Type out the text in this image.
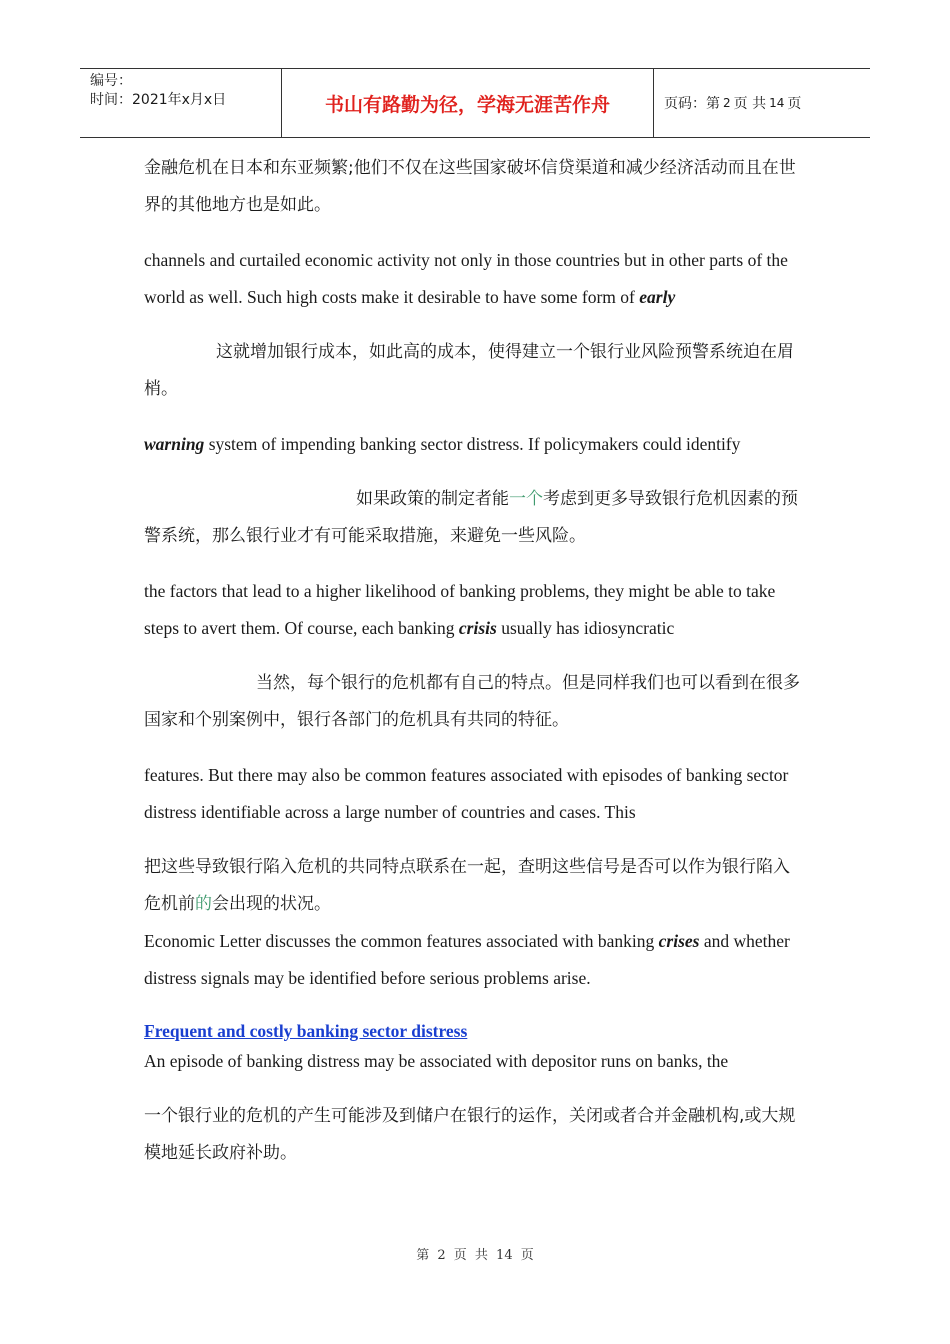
编号：
时间：2021年x月x日	书山有路勤为径，学海无涯苦作舟	页码：第 2 页 共 14 页

金融危机在日本和东亚频繁;他们不仅在这些国家破坏信贷渠道和减少经济活动而且在世界的其他地方也是如此。

channels and curtailed economic activity not only in those countries but in other parts of the world as well. Such high costs make it desirable to have some form of early

这就增加银行成本，如此高的成本，使得建立一个银行业风险预警系统迫在眉梢。

warning system of impending banking sector distress. If policymakers could identify

如果政策的制定者能一个考虑到更多导致银行危机因素的预警系统，那么银行业才有可能采取措施，来避免一些风险。

the factors that lead to a higher likelihood of banking problems, they might be able to take steps to avert them. Of course, each banking crisis usually has idiosyncratic

当然，每个银行的危机都有自己的特点。但是同样我们也可以看到在很多国家和个别案例中，银行各部门的危机具有共同的特征。

features. But there may also be common features associated with episodes of banking sector distress identifiable across a large number of countries and cases. This

把这些导致银行陷入危机的共同特点联系在一起，查明这些信号是否可以作为银行陷入危机前的会出现的状况。

Economic Letter discusses the common features associated with banking crises and whether distress signals may be identified before serious problems arise.

Frequent and costly banking sector distress

An episode of banking distress may be associated with depositor runs on banks, the

一个银行业的危机的产生可能涉及到储户在银行的运作，关闭或者合并金融机构,或大规模地延长政府补助。

第 2 页 共 14 页
